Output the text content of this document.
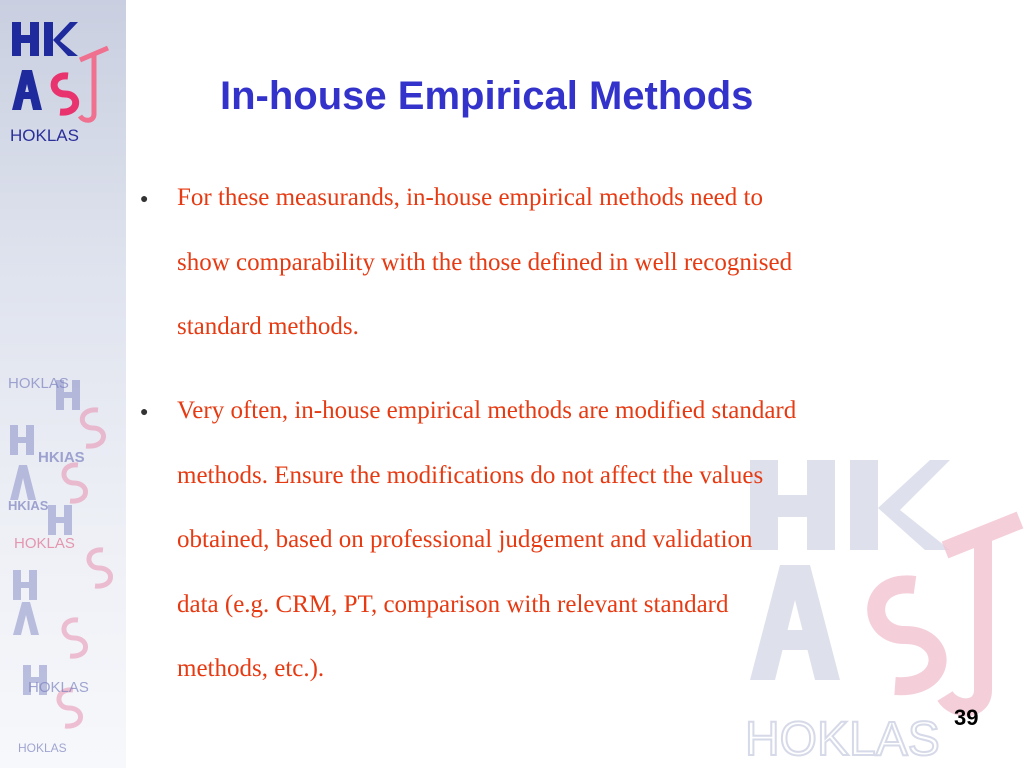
HOKLAS
HOKLAS
HKIAS
HKIAS
HOKLAS
HOKLAS
HOKLAS	HOKLAS
In-house Empirical Methods
● For these measurands, in-house empirical methods need to
show comparability with the those defined in well recognised
standard methods.
● Very often, in-house empirical methods are modified standard
methods. Ensure the modifications do not affect the values
obtained, based on professional judgement and validation
data (e.g. CRM, PT, comparison with relevant standard
methods, etc.).
39
